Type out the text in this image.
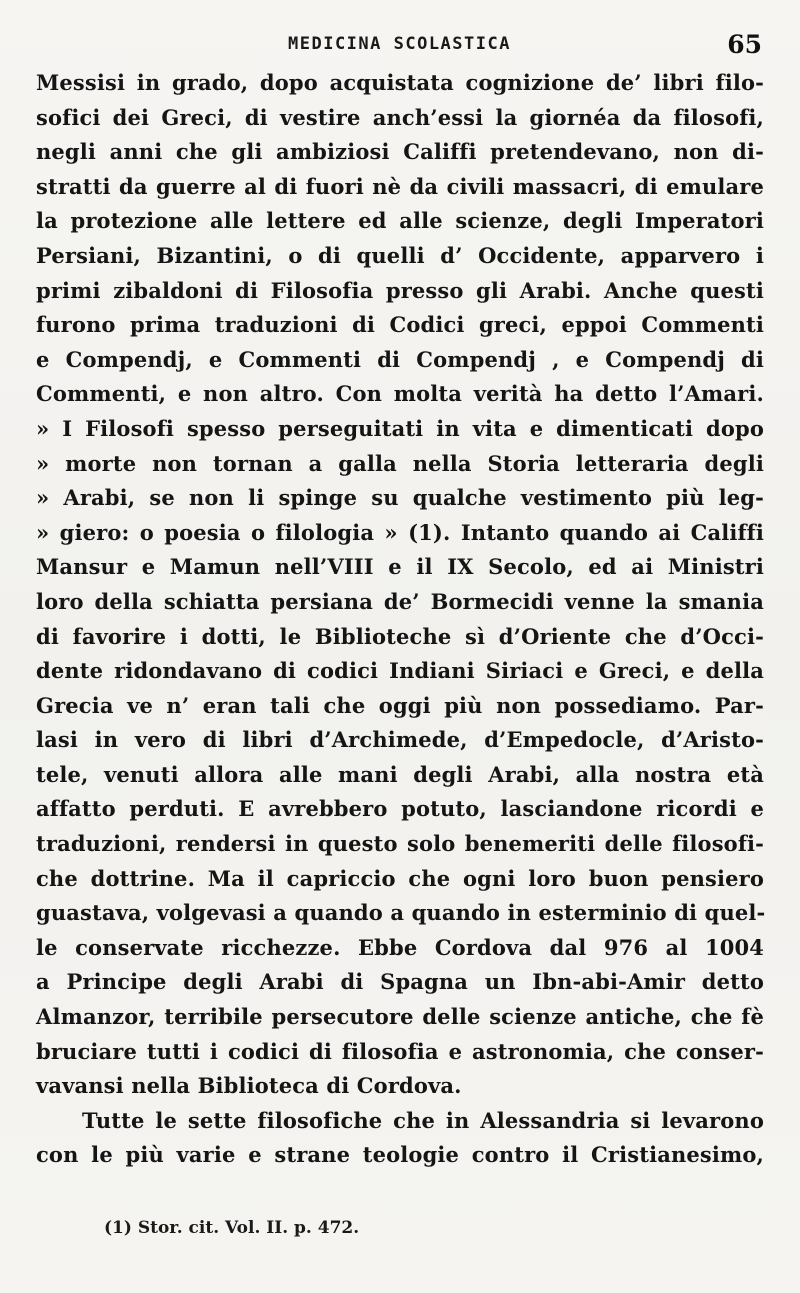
MEDICINA SCOLASTICA	65
Messisi in grado, dopo acquistata cognizione de’ libri filo-
sofici dei Greci, di vestire anch’essi la giornéa da filosofi,
negli anni che gli ambiziosi Califfi pretendevano, non di-
stratti da guerre al di fuori nè da civili massacri, di emulare
la protezione alle lettere ed alle scienze, degli Imperatori
Persiani, Bizantini, o di quelli d’ Occidente, apparvero i
primi zibaldoni di Filosofia presso gli Arabi. Anche questi
furono prima traduzioni di Codici greci, eppoi Commenti
e Compendj, e Commenti di Compendj , e Compendj di
Commenti, e non altro. Con molta verità ha detto l’Amari.
» I Filosofi spesso perseguitati in vita e dimenticati dopo
» morte non tornan a galla nella Storia letteraria degli
» Arabi, se non li spinge su qualche vestimento più leg-
» giero: o poesia o filologia » (1). Intanto quando ai Califfi
Mansur e Mamun nell’VIII e il IX Secolo, ed ai Ministri
loro della schiatta persiana de’ Bormecidi venne la smania
di favorire i dotti, le Biblioteche sì d’Oriente che d’Occi-
dente ridondavano di codici Indiani Siriaci e Greci, e della
Grecia ve n’ eran tali che oggi più non possediamo. Par-
lasi in vero di libri d’Archimede, d’Empedocle, d’Aristo-
tele, venuti allora alle mani degli Arabi, alla nostra età
affatto perduti. E avrebbero potuto, lasciandone ricordi e
traduzioni, rendersi in questo solo benemeriti delle filosofi-
che dottrine. Ma il capriccio che ogni loro buon pensiero
guastava, volgevasi a quando a quando in esterminio di quel-
le conservate ricchezze. Ebbe Cordova dal 976 al 1004
a Principe degli Arabi di Spagna un Ibn-abi-Amir detto
Almanzor, terribile persecutore delle scienze antiche, che fè
bruciare tutti i codici di filosofia e astronomia, che conser-
vavansi nella Biblioteca di Cordova.
Tutte le sette filosofiche che in Alessandria si levarono
con le più varie e strane teologie contro il Cristianesimo,
(1) Stor. cit. Vol. II. p. 472.
